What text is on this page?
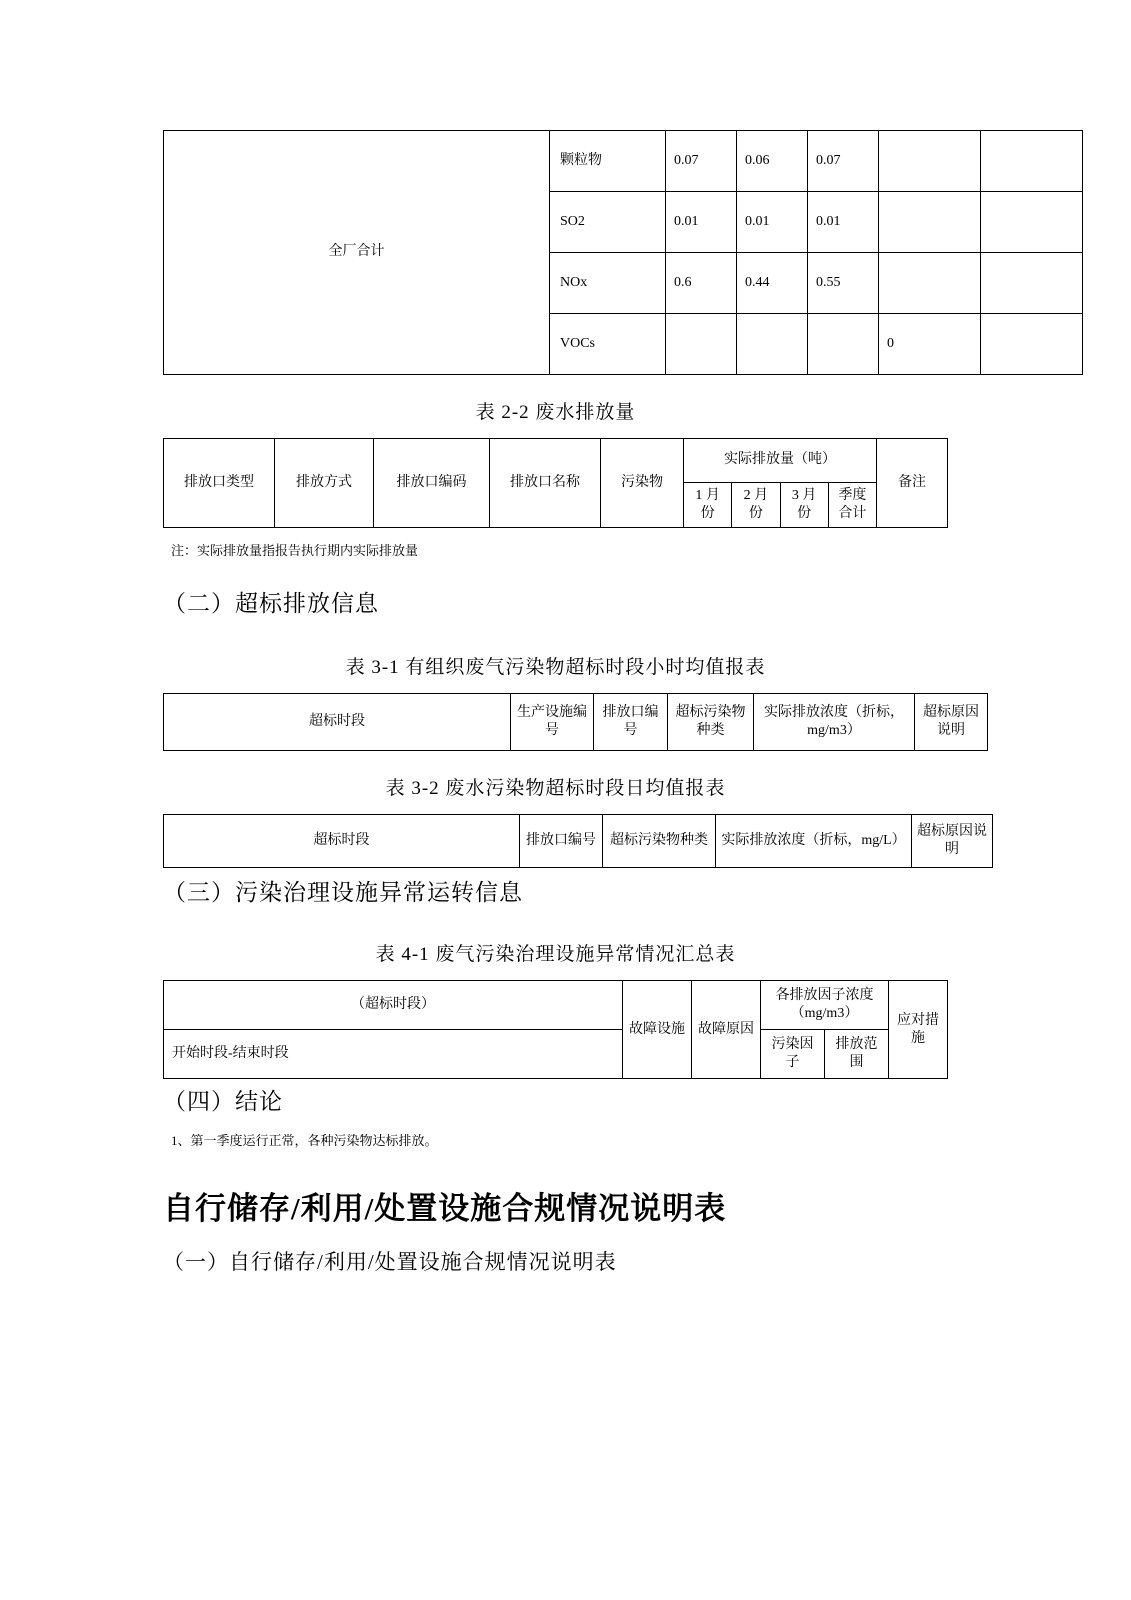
全厂合计	颗粒物	0.07	0.06	0.07		
	SO2	0.01	0.01	0.01		
	NOx	0.6	0.44	0.55		
	VOCs				0	
表 2-2 废水排放量
排放口类型	排放方式	排放口编码	排放口名称	污染物	实际排放量（吨）				备注
					1 月份	2 月份	3 月份	季度合计	
注：实际排放量指报告执行期内实际排放量
（二）超标排放信息
表 3-1 有组织废气污染物超标时段小时均值报表
超标时段	生产设施编号	排放口编号	超标污染物种类	实际排放浓度（折标，mg/m3）	超标原因说明
表 3-2 废水污染物超标时段日均值报表
超标时段	排放口编号	超标污染物种类	实际排放浓度（折标，mg/L）	超标原因说明
（三）污染治理设施异常运转信息
表 4-1 废气污染治理设施异常情况汇总表
（超标时段）	故障设施	故障原因	各排放因子浓度（mg/m3）		应对措施
开始时段-结束时段			污染因子	排放范围	
（四）结论
1、第一季度运行正常，各种污染物达标排放。
自行储存/利用/处置设施合规情况说明表
（一）自行储存/利用/处置设施合规情况说明表
